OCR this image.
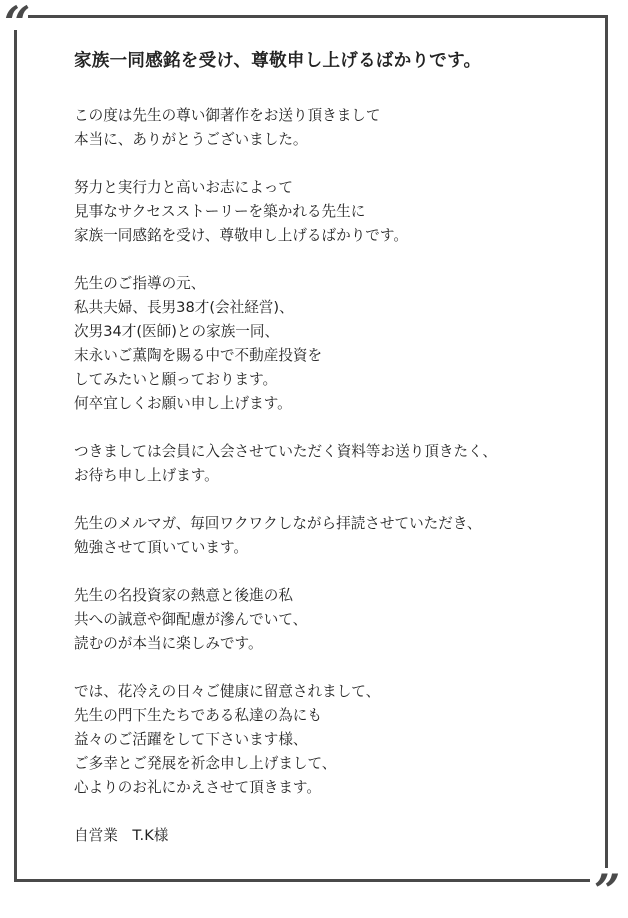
“
”
家族一同感銘を受け、尊敬申し上げるばかりです。
この度は先生の尊い御著作をお送り頂きまして
本当に、ありがとうございました。
努力と実行力と高いお志によって
見事なサクセスストーリーを築かれる先生に
家族一同感銘を受け、尊敬申し上げるばかりです。
先生のご指導の元、
私共夫婦、長男38才(会社経営)、
次男34才(医師)との家族一同、
末永いご薫陶を賜る中で不動産投資を
してみたいと願っております。
何卒宜しくお願い申し上げます。
つきましては会員に入会させていただく資料等お送り頂きたく、
お待ち申し上げます。
先生のメルマガ、毎回ワクワクしながら拝読させていただき、
勉強させて頂いています。
先生の名投資家の熱意と後進の私
共への誠意や御配慮が滲んでいて、
読むのが本当に楽しみです。
では、花冷えの日々ご健康に留意されまして、
先生の門下生たちである私達の為にも
益々のご活躍をして下さいます様、
ご多幸とご発展を祈念申し上げまして、
心よりのお礼にかえさせて頂きます。
自営業　T.K様
